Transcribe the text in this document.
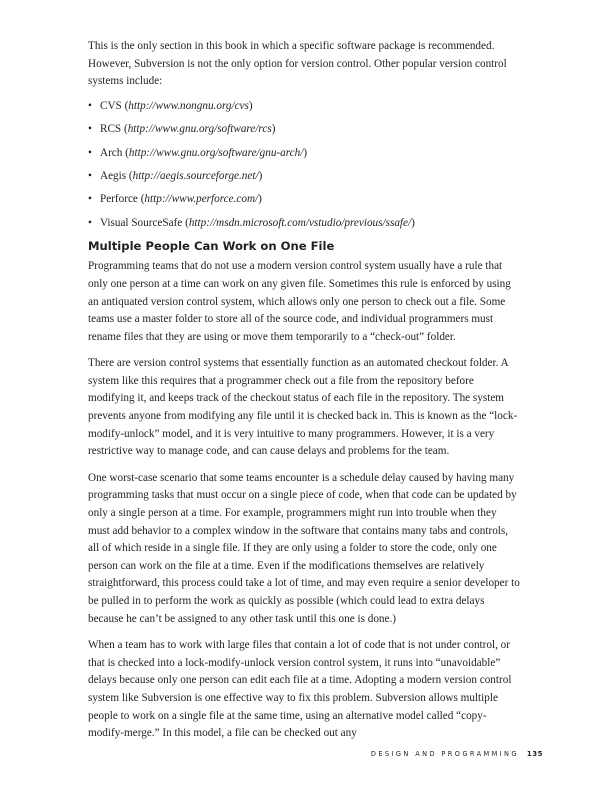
This is the only section in this book in which a specific software package is recommended. However, Subversion is not the only option for version control. Other popular version control systems include:

• CVS (http://www.nongnu.org/cvs)
• RCS (http://www.gnu.org/software/rcs)
• Arch (http://www.gnu.org/software/gnu-arch/)
• Aegis (http://aegis.sourceforge.net/)
• Perforce (http://www.perforce.com/)
• Visual SourceSafe (http://msdn.microsoft.com/vstudio/previous/ssafe/)
Multiple People Can Work on One File

Programming teams that do not use a modern version control system usually have a rule that only one person at a time can work on any given file. Sometimes this rule is enforced by using an antiquated version control system, which allows only one person to check out a file. Some teams use a master folder to store all of the source code, and individual programmers must rename files that they are using or move them temporarily to a “check-out” folder.

There are version control systems that essentially function as an automated checkout folder. A system like this requires that a programmer check out a file from the repository before modifying it, and keeps track of the checkout status of each file in the repository. The system prevents anyone from modifying any file until it is checked back in. This is known as the “lock-modify-unlock” model, and it is very intuitive to many programmers. However, it is a very restrictive way to manage code, and can cause delays and problems for the team.

One worst-case scenario that some teams encounter is a schedule delay caused by having many programming tasks that must occur on a single piece of code, when that code can be updated by only a single person at a time. For example, programmers might run into trouble when they must add behavior to a complex window in the software that contains many tabs and controls, all of which reside in a single file. If they are only using a folder to store the code, only one person can work on the file at a time. Even if the modifications themselves are relatively straightforward, this process could take a lot of time, and may even require a senior developer to be pulled in to perform the work as quickly as possible (which could lead to extra delays because he can’t be assigned to any other task until this one is done.)

When a team has to work with large files that contain a lot of code that is not under control, or that is checked into a lock-modify-unlock version control system, it runs into “unavoidable” delays because only one person can edit each file at a time. Adopting a modern version control system like Subversion is one effective way to fix this problem. Subversion allows multiple people to work on a single file at the same time, using an alternative model called “copy-modify-merge.” In this model, a file can be checked out any

DESIGN AND PROGRAMMING 135
